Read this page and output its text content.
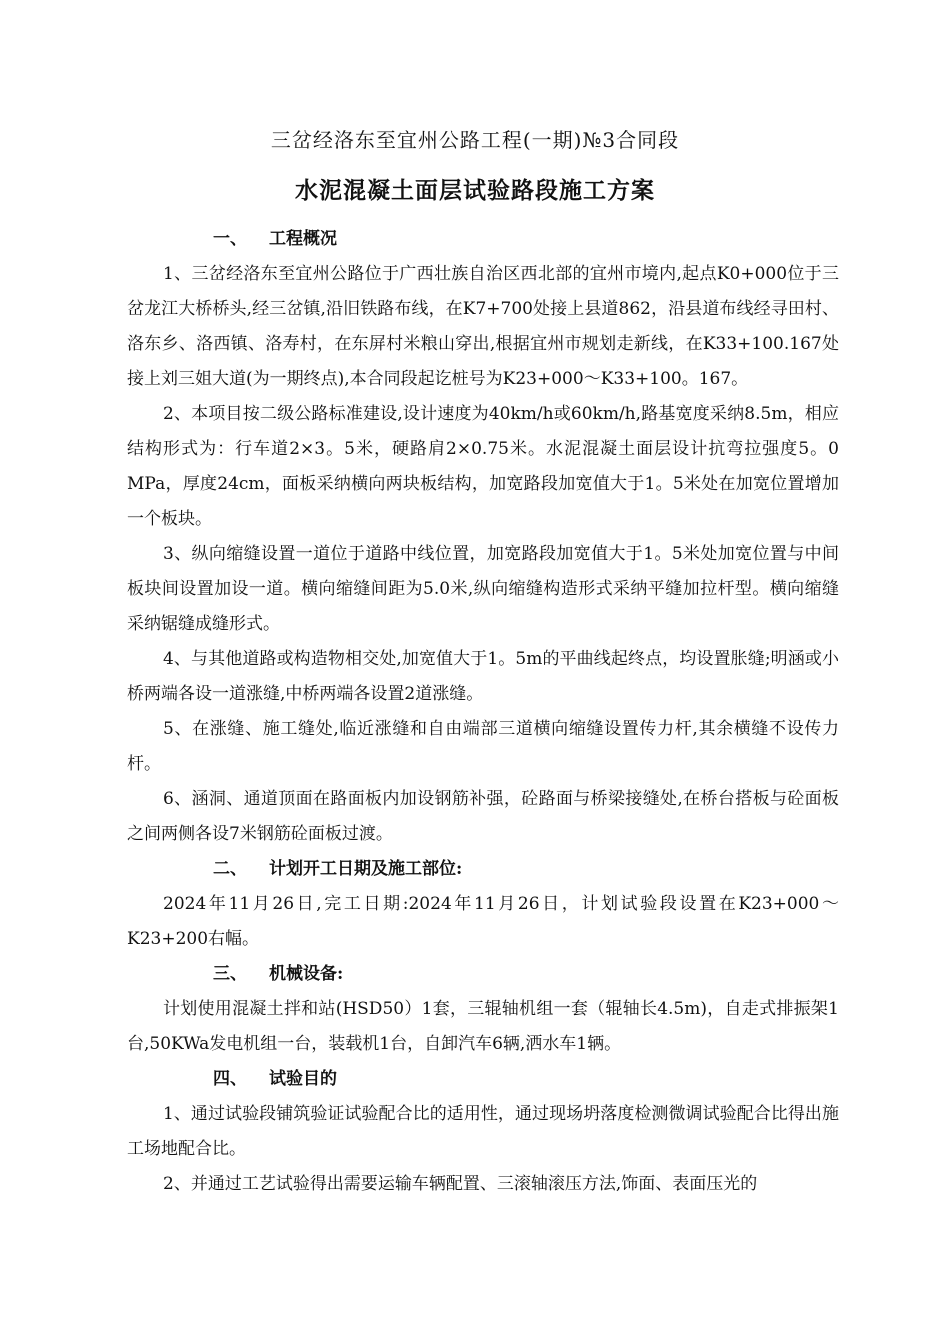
三岔经洛东至宜州公路工程(一期)№3合同段
水泥混凝土面层试验路段施工方案
一、 工程概况

1、三岔经洛东至宜州公路位于广西壮族自治区西北部的宜州市境内,起点K0+000位于三岔龙江大桥桥头,经三岔镇,沿旧铁路布线，在K7+700处接上县道862，沿县道布线经寻田村、洛东乡、洛西镇、洛寿村，在东屏村米粮山穿出,根据宜州市规划走新线，在K33+100.167处接上刘三姐大道(为一期终点),本合同段起讫桩号为K23+000～K33+100。167。

2、本项目按二级公路标准建设,设计速度为40km/h或60km/h,路基宽度采纳8.5m，相应结构形式为：行车道2×3。5米，硬路肩2×0.75米。水泥混凝土面层设计抗弯拉强度5。0 MPa，厚度24cm，面板采纳横向两块板结构，加宽路段加宽值大于1。5米处在加宽位置增加一个板块。

3、纵向缩缝设置一道位于道路中线位置，加宽路段加宽值大于1。5米处加宽位置与中间板块间设置加设一道。横向缩缝间距为5.0米,纵向缩缝构造形式采纳平缝加拉杆型。横向缩缝采纳锯缝成缝形式。

4、与其他道路或构造物相交处,加宽值大于1。5m的平曲线起终点，均设置胀缝;明涵或小桥两端各设一道涨缝,中桥两端各设置2道涨缝。

5、在涨缝、施工缝处,临近涨缝和自由端部三道横向缩缝设置传力杆,其余横缝不设传力杆。

6、涵洞、通道顶面在路面板内加设钢筋补强，砼路面与桥梁接缝处,在桥台搭板与砼面板之间两侧各设7米钢筋砼面板过渡。

二、 计划开工日期及施工部位:

2024年11月26日,完工日期:2024年11月26日，计划试验段设置在K23+000～K23+200右幅。

三、 机械设备:

计划使用混凝土拌和站(HSD50）1套，三辊轴机组一套（辊轴长4.5m)，自走式排振架1台,50KWa发电机组一台，装载机1台，自卸汽车6辆,洒水车1辆。

四、 试验目的

1、通过试验段铺筑验证试验配合比的适用性，通过现场坍落度检测微调试验配合比得出施工场地配合比。

2、并通过工艺试验得出需要运输车辆配置、三滚轴滚压方法,饰面、表面压光的
